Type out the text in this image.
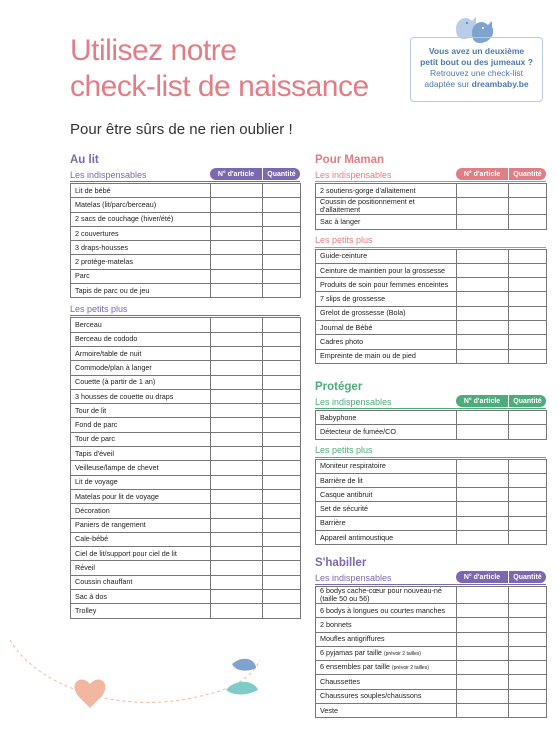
Utilisez notre
check-list de naissance
Pour être sûrs de ne rien oublier !
Vous avez un deuxième
petit bout ou des jumeaux ?
Retrouvez une check-list
adaptée sur dreambaby.be
Au lit
Les indispensables	N° d'article	Quantité
Lit de bébé		
Matelas (lit/parc/berceau)		
2 sacs de couchage (hiver/été)		
2 couvertures		
3 draps-housses		
2 protège-matelas		
Parc		
Tapis de parc ou de jeu		
Les petits plus
Berceau		
Berceau de cododo		
Armoire/table de nuit		
Commode/plan à langer		
Couette (à partir de 1 an)		
3 housses de couette ou draps		
Tour de lit		
Fond de parc		
Tour de parc		
Tapis d'éveil		
Veilleuse/lampe de chevet		
Lit de voyage		
Matelas pour lit de voyage		
Décoration		
Paniers de rangement		
Cale-bébé		
Ciel de lit/support pour ciel de lit		
Réveil		
Coussin chauffant		
Sac à dos		
Trolley		
Pour Maman
Les indispensables	N° d'article	Quantité
2 soutiens-gorge d'allaitement		
Coussin de positionnement et d'allaitement		
Sac à langer		
Les petits plus
Guide-ceinture		
Ceinture de maintien pour la grossesse		
Produits de soin pour femmes enceintes		
7 slips de grossesse		
Grelot de grossesse (Bola)		
Journal de Bébé		
Cadres photo		
Empreinte de main ou de pied		
Protéger
Les indispensables	N° d'article	Quantité
Babyphone		
Détecteur de fumée/CO		
Les petits plus
Moniteur respiratoire		
Barrière de lit		
Casque antibruit		
Set de sécurité		
Barrière		
Appareil antimoustique		
S'habiller
Les indispensables	N° d'article	Quantité
6 bodys cache-cœur pour nouveau-né (taille 50 ou 56)		
6 bodys à longues ou courtes manches		
2 bonnets		
Moufles antigriffures		
6 pyjamas par taille (prévoir 2 tailles)		
6 ensembles par taille (prévoir 2 tailles)		
Chaussettes		
Chaussures souples/chaussons		
Veste		
